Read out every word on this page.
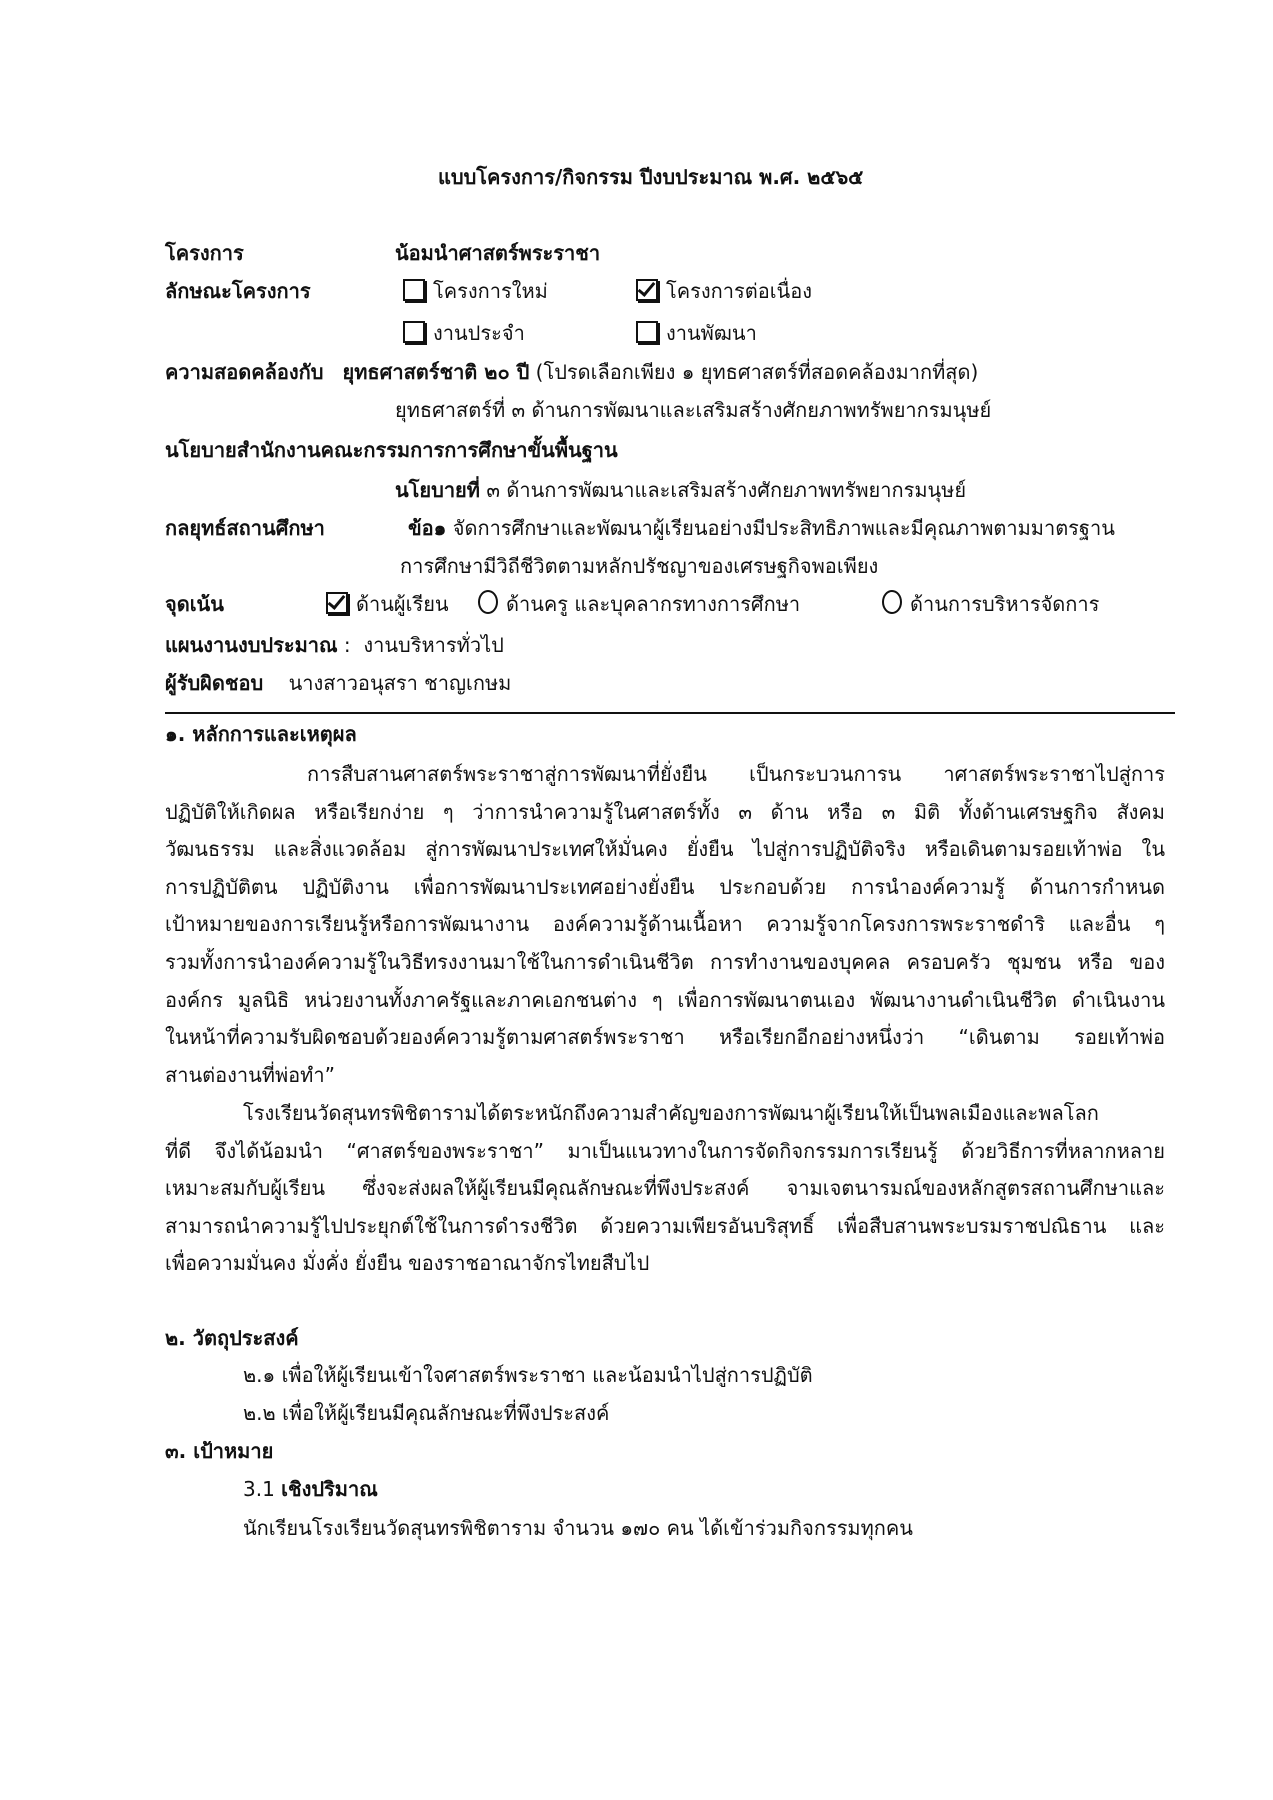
แบบโครงการ/กิจกรรม ปีงบประมาณ พ.ศ. ๒๕๖๕
โครงการ	น้อมนำศาสตร์พระราชา
ลักษณะโครงการ	โครงการใหม่	โครงการต่อเนื่อง
งานประจำ	งานพัฒนา
ความสอดคล้องกับ ยุทธศาสตร์ชาติ ๒๐ ปี (โปรดเลือกเพียง ๑ ยุทธศาสตร์ที่สอดคล้องมากที่สุด)
ยุทธศาสตร์ที่ ๓ ด้านการพัฒนาและเสริมสร้างศักยภาพทรัพยากรมนุษย์
นโยบายสำนักงานคณะกรรมการการศึกษาขั้นพื้นฐาน
นโยบายที่ ๓ ด้านการพัฒนาและเสริมสร้างศักยภาพทรัพยากรมนุษย์
กลยุทธ์สถานศึกษา	ข้อ๑ จัดการศึกษาและพัฒนาผู้เรียนอย่างมีประสิทธิภาพและมีคุณภาพตามมาตรฐาน
การศึกษามีวิถีชีวิตตามหลักปรัชญาของเศรษฐกิจพอเพียง
จุดเน้น	ด้านผู้เรียน	ด้านครู และบุคลากรทางการศึกษา	ด้านการบริหารจัดการ
แผนงานงบประมาณ : งานบริหารทั่วไป
ผู้รับผิดชอบ นางสาวอนุสรา ชาญเกษม
๑. หลักการและเหตุผล
การสืบสานศาสตร์พระราชาสู่การพัฒนาที่ยั่งยืน เป็นกระบวนการน าศาสตร์พระราชาไปสู่การ
ปฏิบัติให้เกิดผล หรือเรียกง่าย ๆ ว่าการนำความรู้ในศาสตร์ทั้ง ๓ ด้าน หรือ ๓ มิติ ทั้งด้านเศรษฐกิจ สังคม
วัฒนธรรม และสิ่งแวดล้อม สู่การพัฒนาประเทศให้มั่นคง ยั่งยืน ไปสู่การปฏิบัติจริง หรือเดินตามรอยเท้าพ่อ ใน
การปฏิบัติตน ปฏิบัติงาน เพื่อการพัฒนาประเทศอย่างยั่งยืน ประกอบด้วย การนำองค์ความรู้ ด้านการกำหนด
เป้าหมายของการเรียนรู้หรือการพัฒนางาน องค์ความรู้ด้านเนื้อหา ความรู้จากโครงการพระราชดำริ และอื่น ๆ
รวมทั้งการนำองค์ความรู้ในวิธีทรงงานมาใช้ในการดำเนินชีวิต การทำงานของบุคคล ครอบครัว ชุมชน หรือ ของ
องค์กร มูลนิธิ หน่วยงานทั้งภาครัฐและภาคเอกชนต่าง ๆ เพื่อการพัฒนาตนเอง พัฒนางานดำเนินชีวิต ดำเนินงาน
ในหน้าที่ความรับผิดชอบด้วยองค์ความรู้ตามศาสตร์พระราชา หรือเรียกอีกอย่างหนึ่งว่า “เดินตาม รอยเท้าพ่อ
สานต่องานที่พ่อทำ”
โรงเรียนวัดสุนทรพิชิตารามได้ตระหนักถึงความสำคัญของการพัฒนาผู้เรียนให้เป็นพลเมืองและพลโลก
ที่ดี จึงได้น้อมนำ “ศาสตร์ของพระราชา” มาเป็นแนวทางในการจัดกิจกรรมการเรียนรู้ ด้วยวิธีการที่หลากหลาย
เหมาะสมกับผู้เรียน ซึ่งจะส่งผลให้ผู้เรียนมีคุณลักษณะที่พึงประสงค์ จามเจตนารมณ์ของหลักสูตรสถานศึกษาและ
สามารถนำความรู้ไปประยุกต์ใช้ในการดำรงชีวิต ด้วยความเพียรอันบริสุทธิ์ เพื่อสืบสานพระบรมราชปณิธาน และ
เพื่อความมั่นคง มั่งคั่ง ยั่งยืน ของราชอาณาจักรไทยสืบไป
๒. วัตถุประสงค์
๒.๑ เพื่อให้ผู้เรียนเข้าใจศาสตร์พระราชา และน้อมนำไปสู่การปฏิบัติ
๒.๒ เพื่อให้ผู้เรียนมีคุณลักษณะที่พึงประสงค์
๓. เป้าหมาย
3.1 เชิงปริมาณ
นักเรียนโรงเรียนวัดสุนทรพิชิตาราม จำนวน ๑๗๐ คน ได้เข้าร่วมกิจกรรมทุกคน
